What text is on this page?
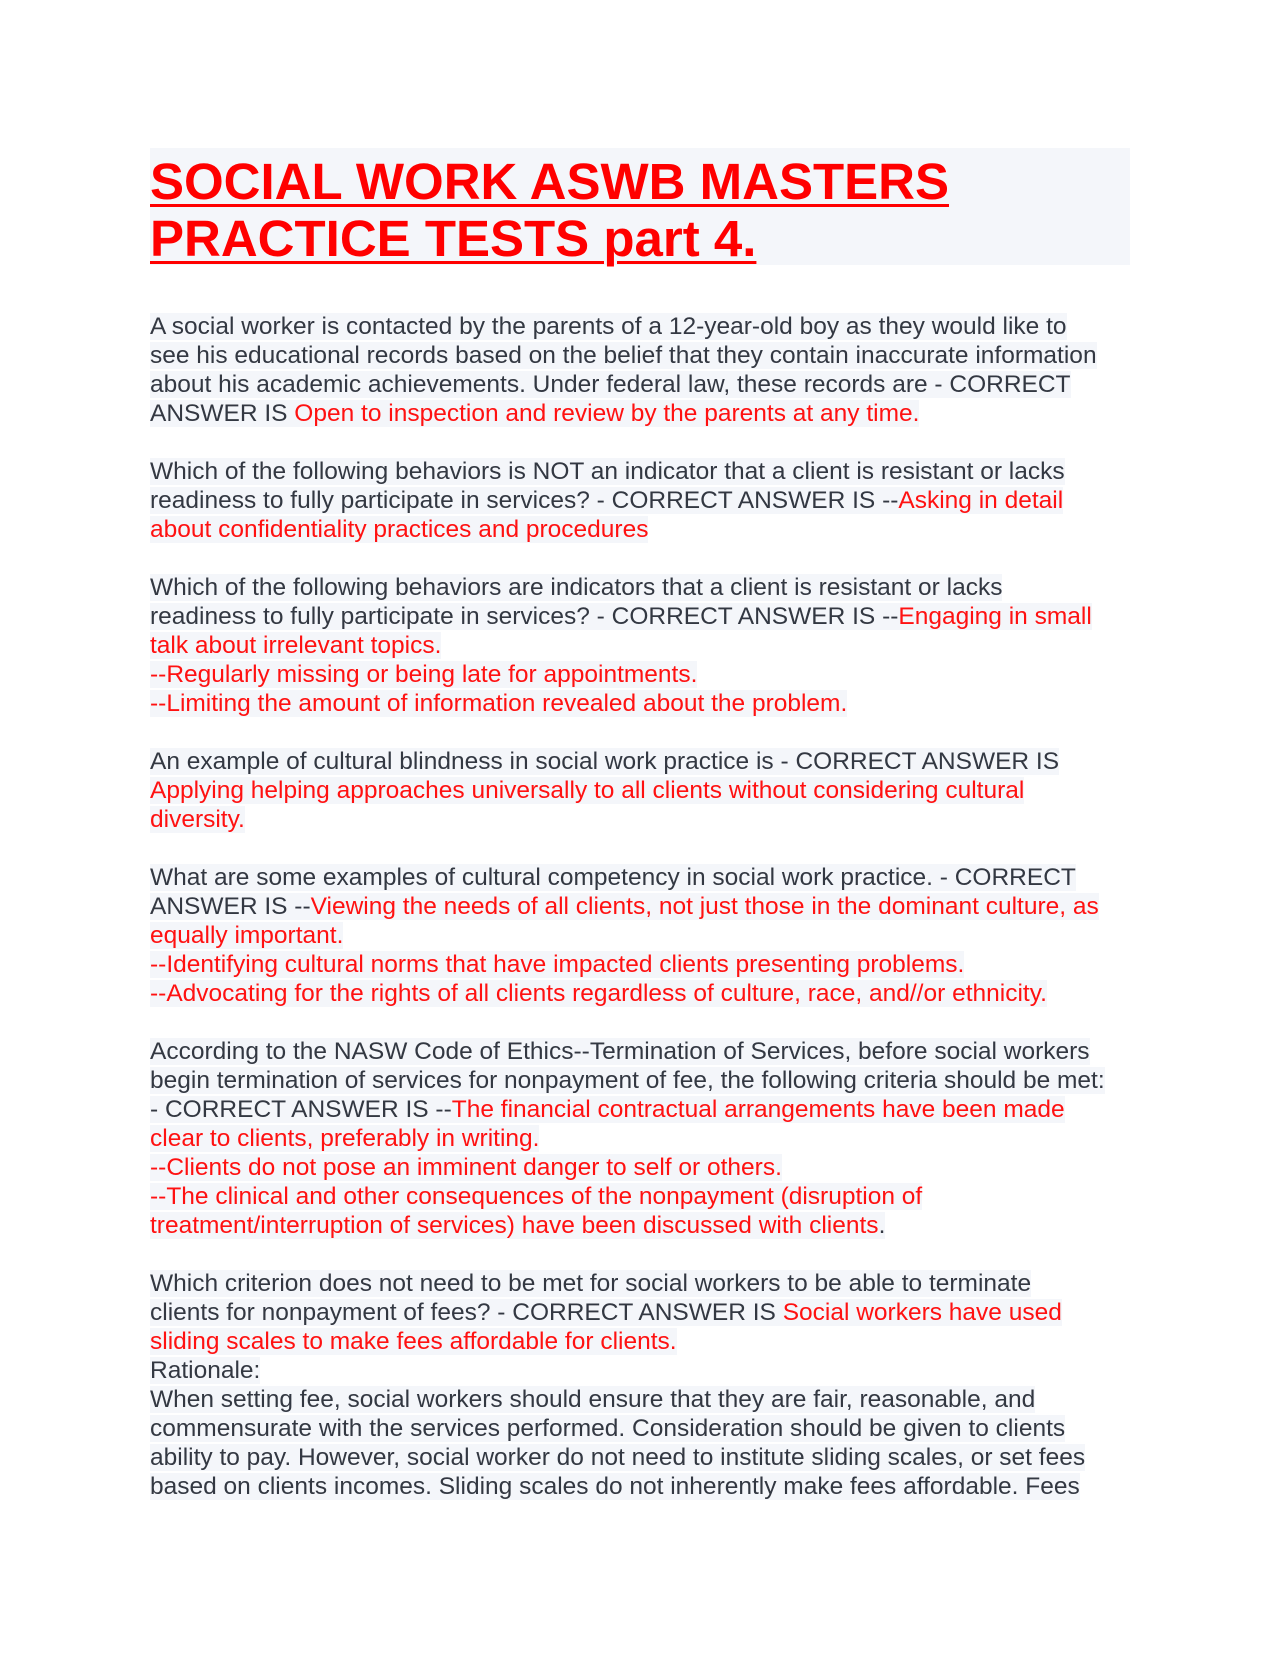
SOCIAL WORK ASWB MASTERS
PRACTICE TESTS part 4.

A social worker is contacted by the parents of a 12-year-old boy as they would like to
see his educational records based on the belief that they contain inaccurate information
about his academic achievements. Under federal law, these records are - CORRECT
ANSWER IS Open to inspection and review by the parents at any time.

Which of the following behaviors is NOT an indicator that a client is resistant or lacks
readiness to fully participate in services? - CORRECT ANSWER IS --Asking in detail
about confidentiality practices and procedures

Which of the following behaviors are indicators that a client is resistant or lacks
readiness to fully participate in services? - CORRECT ANSWER IS --Engaging in small
talk about irrelevant topics.
--Regularly missing or being late for appointments.
--Limiting the amount of information revealed about the problem.

An example of cultural blindness in social work practice is - CORRECT ANSWER IS
Applying helping approaches universally to all clients without considering cultural
diversity.

What are some examples of cultural competency in social work practice. - CORRECT
ANSWER IS --Viewing the needs of all clients, not just those in the dominant culture, as
equally important.
--Identifying cultural norms that have impacted clients presenting problems.
--Advocating for the rights of all clients regardless of culture, race, and//or ethnicity.

According to the NASW Code of Ethics--Termination of Services, before social workers
begin termination of services for nonpayment of fee, the following criteria should be met:
- CORRECT ANSWER IS --The financial contractual arrangements have been made
clear to clients, preferably in writing.
--Clients do not pose an imminent danger to self or others.
--The clinical and other consequences of the nonpayment (disruption of
treatment/interruption of services) have been discussed with clients.

Which criterion does not need to be met for social workers to be able to terminate
clients for nonpayment of fees? - CORRECT ANSWER IS Social workers have used
sliding scales to make fees affordable for clients.
Rationale:
When setting fee, social workers should ensure that they are fair, reasonable, and
commensurate with the services performed. Consideration should be given to clients
ability to pay. However, social worker do not need to institute sliding scales, or set fees
based on clients incomes. Sliding scales do not inherently make fees affordable. Fees
